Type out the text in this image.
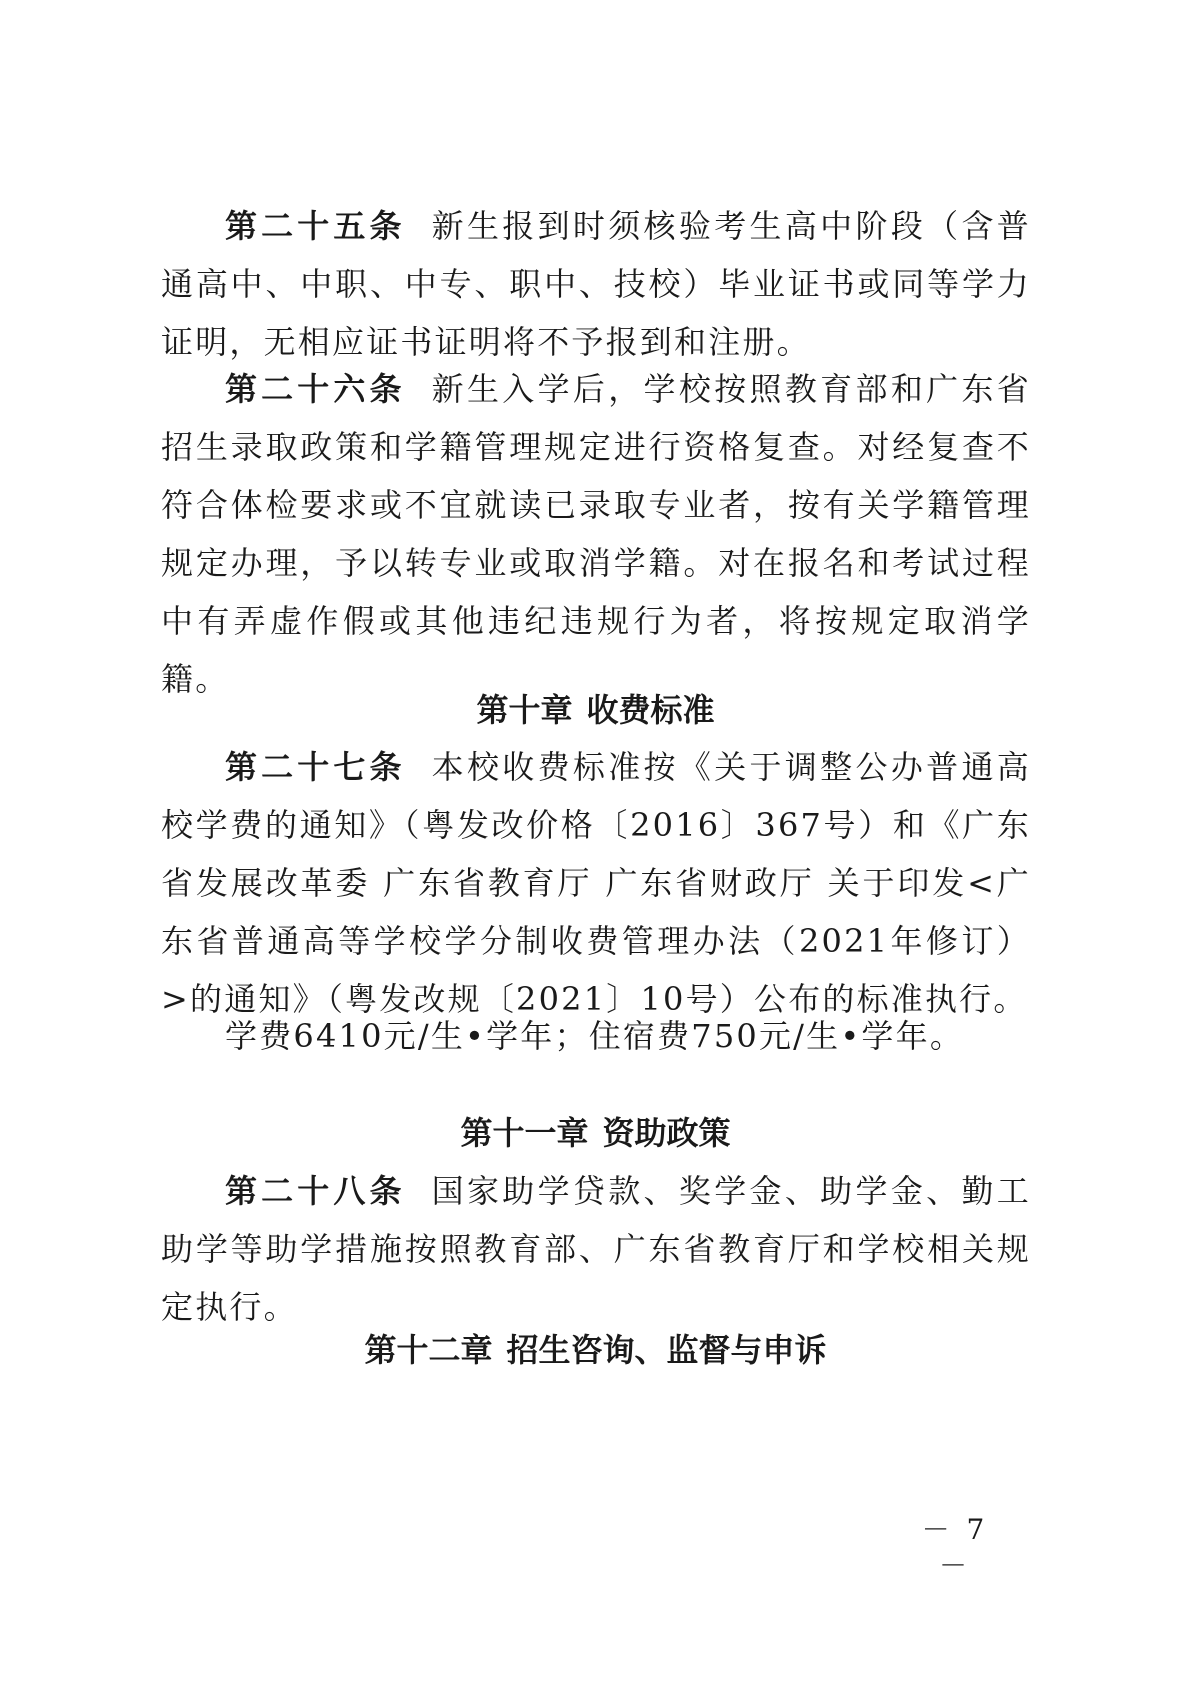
第二十五条 新生报到时须核验考生高中阶段（含普通高中、中职、中专、职中、技校）毕业证书或同等学力证明，无相应证书证明将不予报到和注册。

第二十六条 新生入学后，学校按照教育部和广东省招生录取政策和学籍管理规定进行资格复查。对经复查不符合体检要求或不宜就读已录取专业者，按有关学籍管理规定办理，予以转专业或取消学籍。对在报名和考试过程中有弄虚作假或其他违纪违规行为者，将按规定取消学籍。

第十章 收费标准

第二十七条 本校收费标准按《关于调整公办普通高校学费的通知》（粤发改价格〔2016〕367号）和《广东省发展改革委 广东省教育厅 广东省财政厅 关于印发<广东省普通高等学校学分制收费管理办法（2021年修订）>的通知》（粤发改规〔2021〕10号）公布的标准执行。

学费6410元/生•学年；住宿费750元/生•学年。

第十一章 资助政策

第二十八条 国家助学贷款、奖学金、助学金、勤工助学等助学措施按照教育部、广东省教育厅和学校相关规定执行。

第十二章 招生咨询、监督与申诉
－ 7 －
